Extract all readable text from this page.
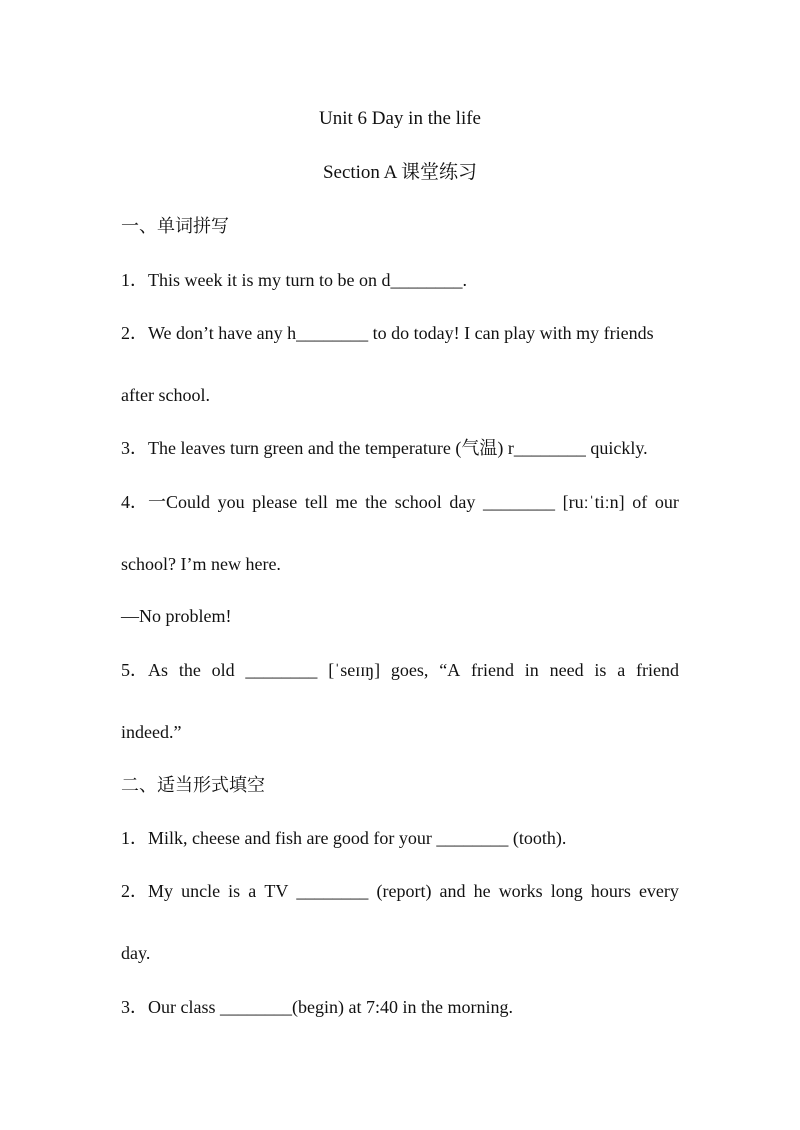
Unit 6 Day in the life
Section A 课堂练习
一、单词拼写
1．This week it is my turn to be on d________.
2．We don’t have any h________ to do today! I can play with my friends
after school.
3．The leaves turn green and the temperature (气温) r________ quickly.
4．一Could you please tell me the school day ________ [ruːˈtiːn] of our
school? I’m new here.
—No problem!
5．As the old ________ [ˈseɪɪŋ] goes, “A friend in need is a friend
indeed.”
二、适当形式填空
1．Milk, cheese and fish are good for your ________ (tooth).
2．My uncle is a TV ________ (report) and he works long hours every
day.
3．Our class ________(begin) at 7:40 in the morning.
